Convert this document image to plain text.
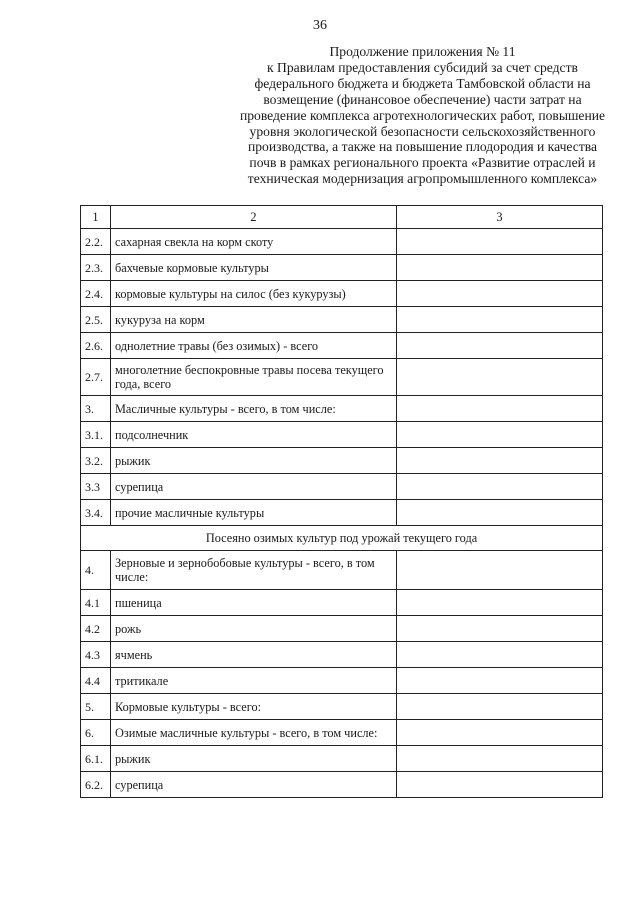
36
Продолжение приложения № 11
к Правилам предоставления субсидий за счет средств
федерального бюджета и бюджета Тамбовской области на
возмещение (финансовое обеспечение) части затрат на
проведение комплекса агротехнологических работ, повышение
уровня экологической безопасности сельскохозяйственного
производства, а также на повышение плодородия и качества
почв в рамках регионального проекта «Развитие отраслей и
техническая модернизация агропромышленного комплекса»
1	2	3
2.2.	сахарная свекла на корм скоту	
2.3.	бахчевые кормовые культуры	
2.4.	кормовые культуры на силос (без кукурузы)	
2.5.	кукуруза на корм	
2.6.	однолетние травы (без озимых) - всего	
2.7.	многолетние беспокровные травы посева текущего года, всего	
3.	Масличные культуры - всего, в том числе:	
3.1.	подсолнечник	
3.2.	рыжик	
3.3	сурепица	
3.4.	прочие масличные культуры	
Посеяно озимых культур под урожай текущего года		
4.	Зерновые и зернобобовые культуры - всего, в том числе:	
4.1	пшеница	
4.2	рожь	
4.3	ячмень	
4.4	тритикале	
5.	Кормовые культуры - всего:	
6.	Озимые масличные культуры - всего, в том числе:	
6.1.	рыжик	
6.2.	сурепица	
